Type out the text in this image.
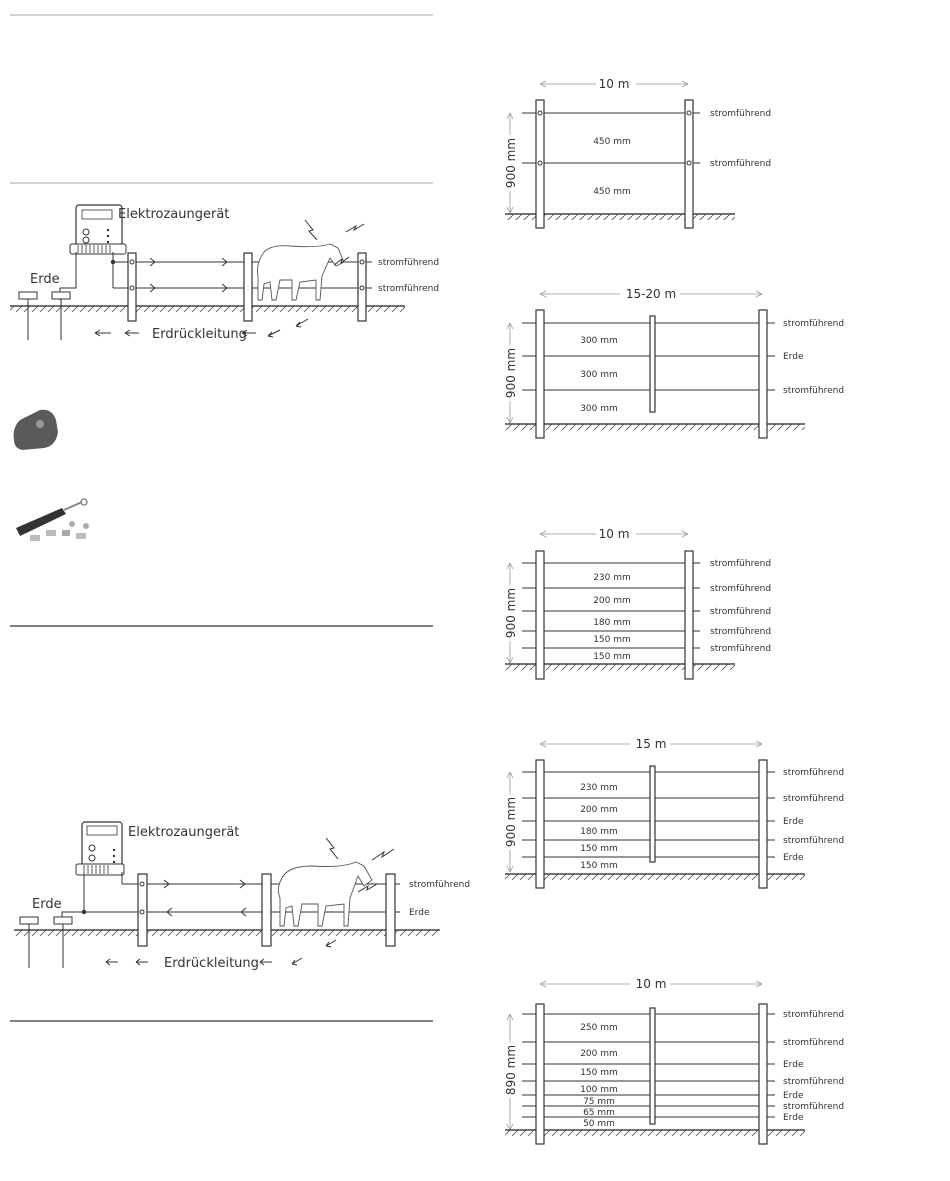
Elektrozaungerät
Erde
stromführend
stromführend
Erdrückleitung
Elektrozaungerät
Erde
stromführend
Erde
Erdrückleitung
10 m
900 mm	450 mm
450 mm
stromführend
stromführend
15-20 m
900 mm
300 mm
300 mm
300 mm
stromführend
Erde
stromführend
10 m
900 mm
230 mm
200 mm
180 mm
150 mm
150 mm
stromführend
stromführend
stromführend
stromführend
stromführend
15 m
900 mm
230 mm
200 mm
180 mm
150 mm
150 mm
stromführend
stromführend
Erde
stromführend
Erde
10 m
890 mm
250 mm
200 mm
150 mm
100 mm
75 mm
65 mm
50 mm
stromführend
stromführend
Erde
stromführend
Erde
stromführend
Erde
